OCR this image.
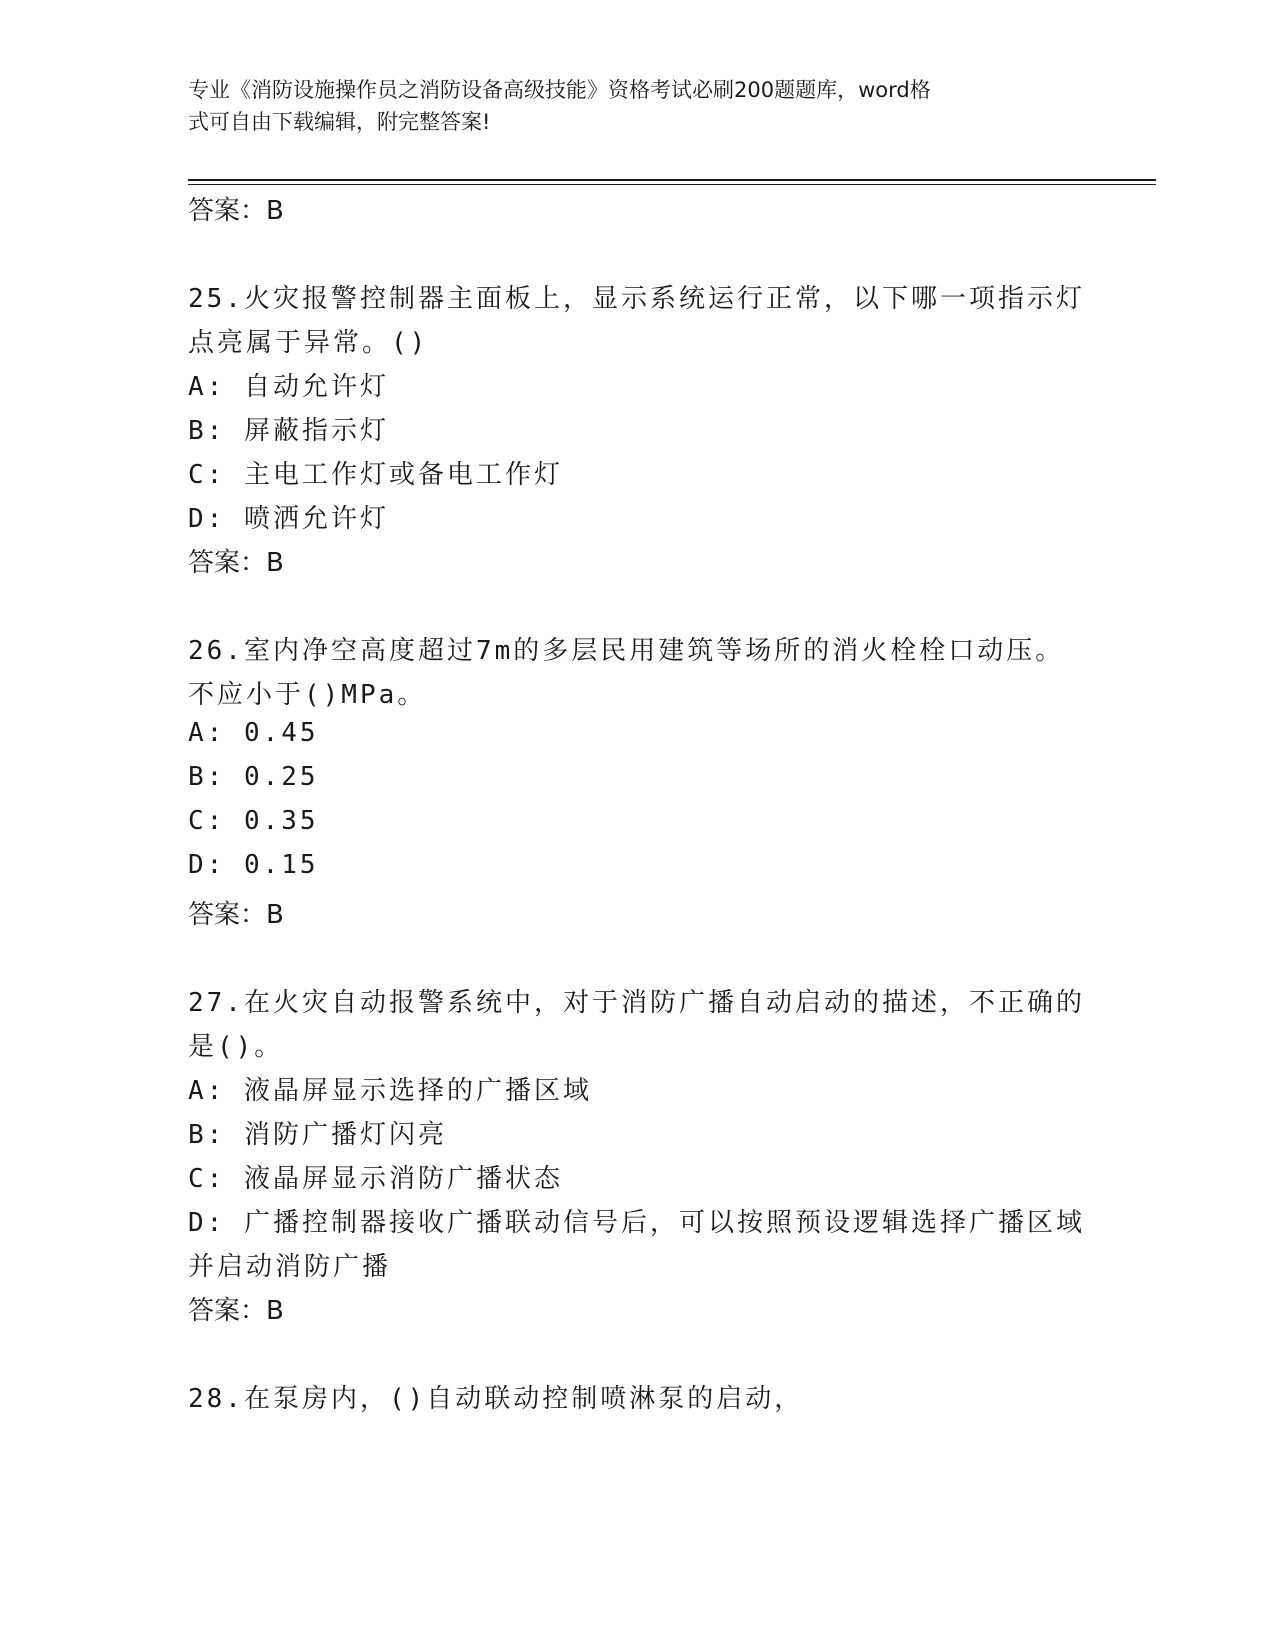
专业《消防设施操作员之消防设备高级技能》资格考试必刷200题题库，word格
式可自由下载编辑，附完整答案!
答案：B
25.火灾报警控制器主面板上，显示系统运行正常，以下哪一项指示灯
点亮属于异常。()
A: 自动允许灯
B: 屏蔽指示灯
C: 主电工作灯或备电工作灯
D: 喷洒允许灯
答案：B
26.室内净空高度超过7m的多层民用建筑等场所的消火栓栓口动压。
不应小于()MPa。
A: 0.45
B: 0.25
C: 0.35
D: 0.15
答案：B
27.在火灾自动报警系统中，对于消防广播自动启动的描述，不正确的
是()。
A: 液晶屏显示选择的广播区域
B: 消防广播灯闪亮
C: 液晶屏显示消防广播状态
D: 广播控制器接收广播联动信号后，可以按照预设逻辑选择广播区域
并启动消防广播
答案：B
28.在泵房内，()自动联动控制喷淋泵的启动，
